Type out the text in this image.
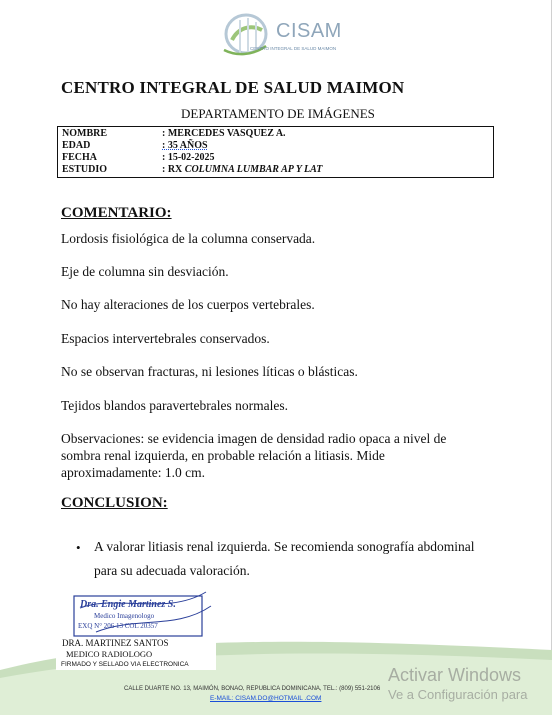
CISAM
CENTRO INTEGRAL DE SALUD MAIMON
CENTRO INTEGRAL DE SALUD MAIMON
DEPARTAMENTO DE IMÁGENES
NOMBRE	: MERCEDES VASQUEZ A.
EDAD	: 35 AÑOS
FECHA	: 15-02-2025
ESTUDIO	: RX COLUMNA LUMBAR AP Y LAT
COMENTARIO:
Lordosis fisiológica de la columna conservada.
Eje de columna sin desviación.
No hay alteraciones de los cuerpos vertebrales.
Espacios intervertebrales conservados.
No se observan fracturas, ni lesiones líticas o blásticas.
Tejidos blandos paravertebrales normales.
Observaciones: se evidencia imagen de densidad radio opaca a nivel de sombra renal izquierda, en probable relación a litiasis. Mide aproximadamente: 1.0 cm.
CONCLUSION:
• A valorar litiasis renal izquierda. Se recomienda sonografía abdominal para su adecuada valoración.
Dra. Engie Martinez S.
Medico Imagenologo
EXQ N° 206 13 COL 20357
DRA. MARTINEZ SANTOS
MEDICO RADIOLOGO
FIRMADO Y SELLADO VIA ELECTRONICA
CALLE DUARTE NO. 13, MAIMÓN, BONAO, REPUBLICA DOMINICANA, TEL.: (809) 551-2106
E-MAIL: CISAM.DO@HOTMAIL .COM
Activar Windows
Ve a Configuración para
